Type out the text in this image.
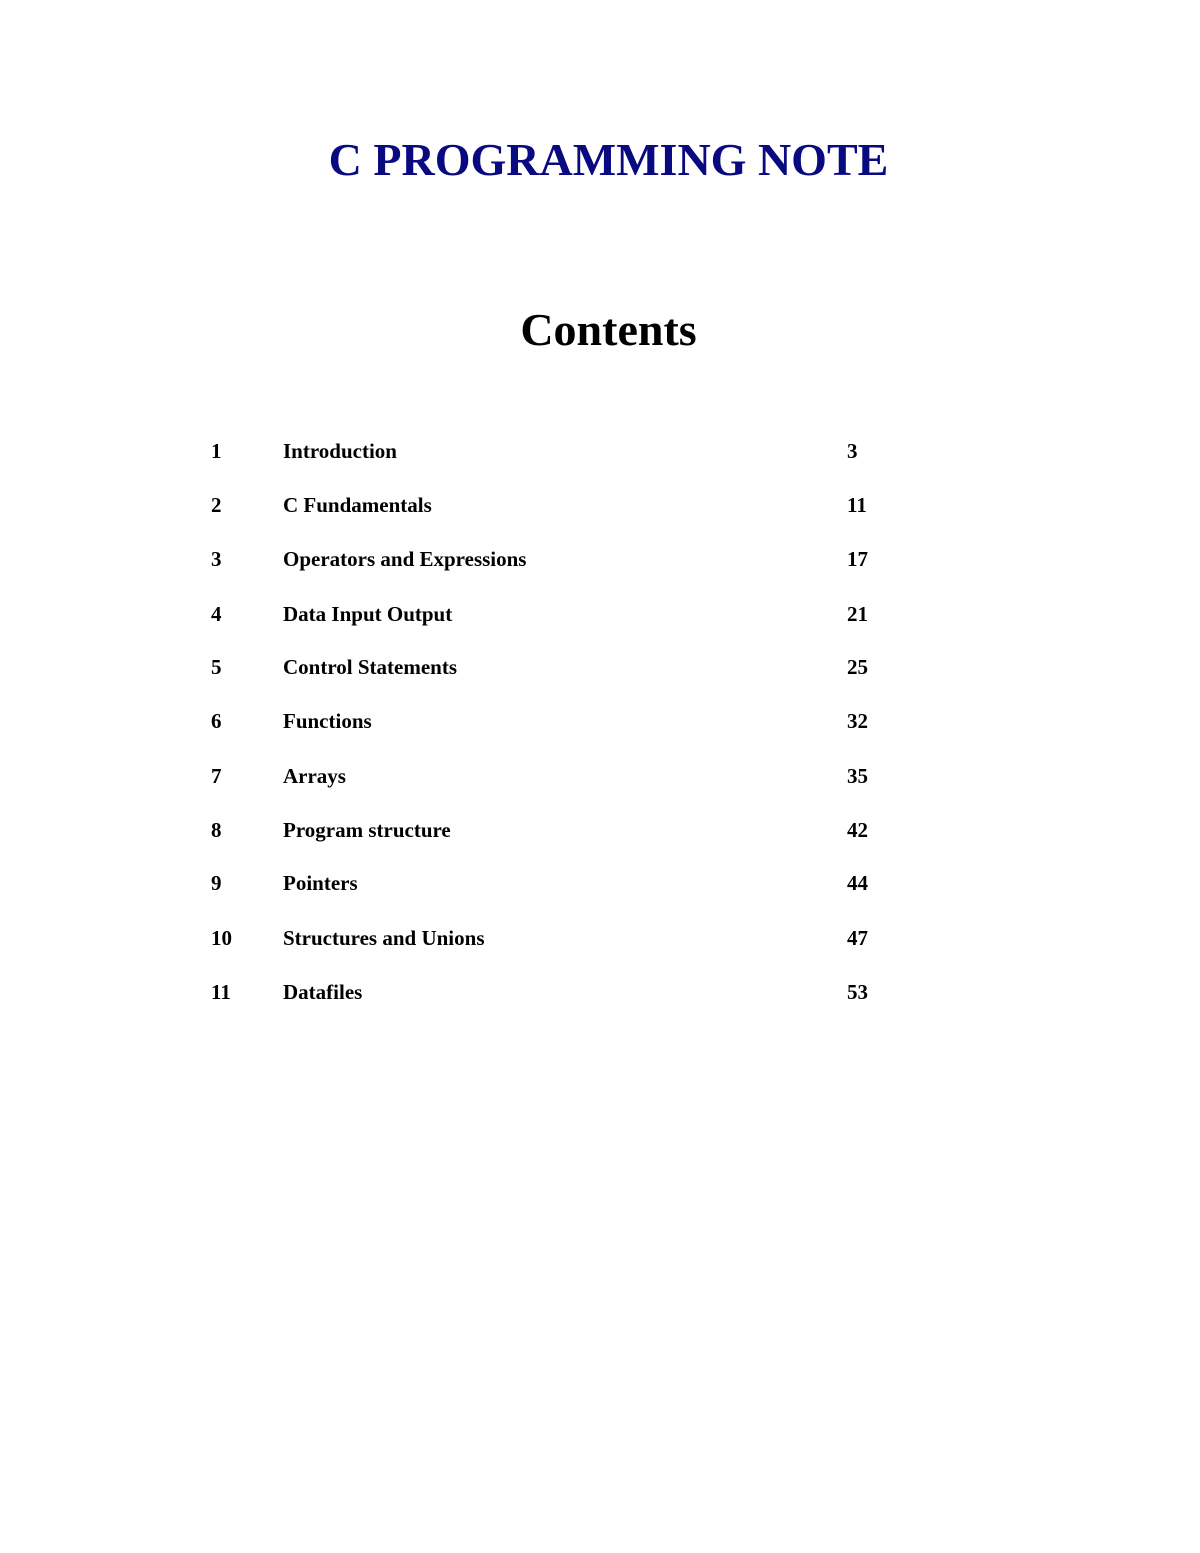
C PROGRAMMING NOTE
Contents
1	Introduction	3
2	C Fundamentals	11
3	Operators and Expressions	17
4	Data Input Output	21
5	Control Statements	25
6	Functions	32
7	Arrays	35
8	Program structure	42
9	Pointers	44
10 Structures and Unions	47
11 Datafiles	53
